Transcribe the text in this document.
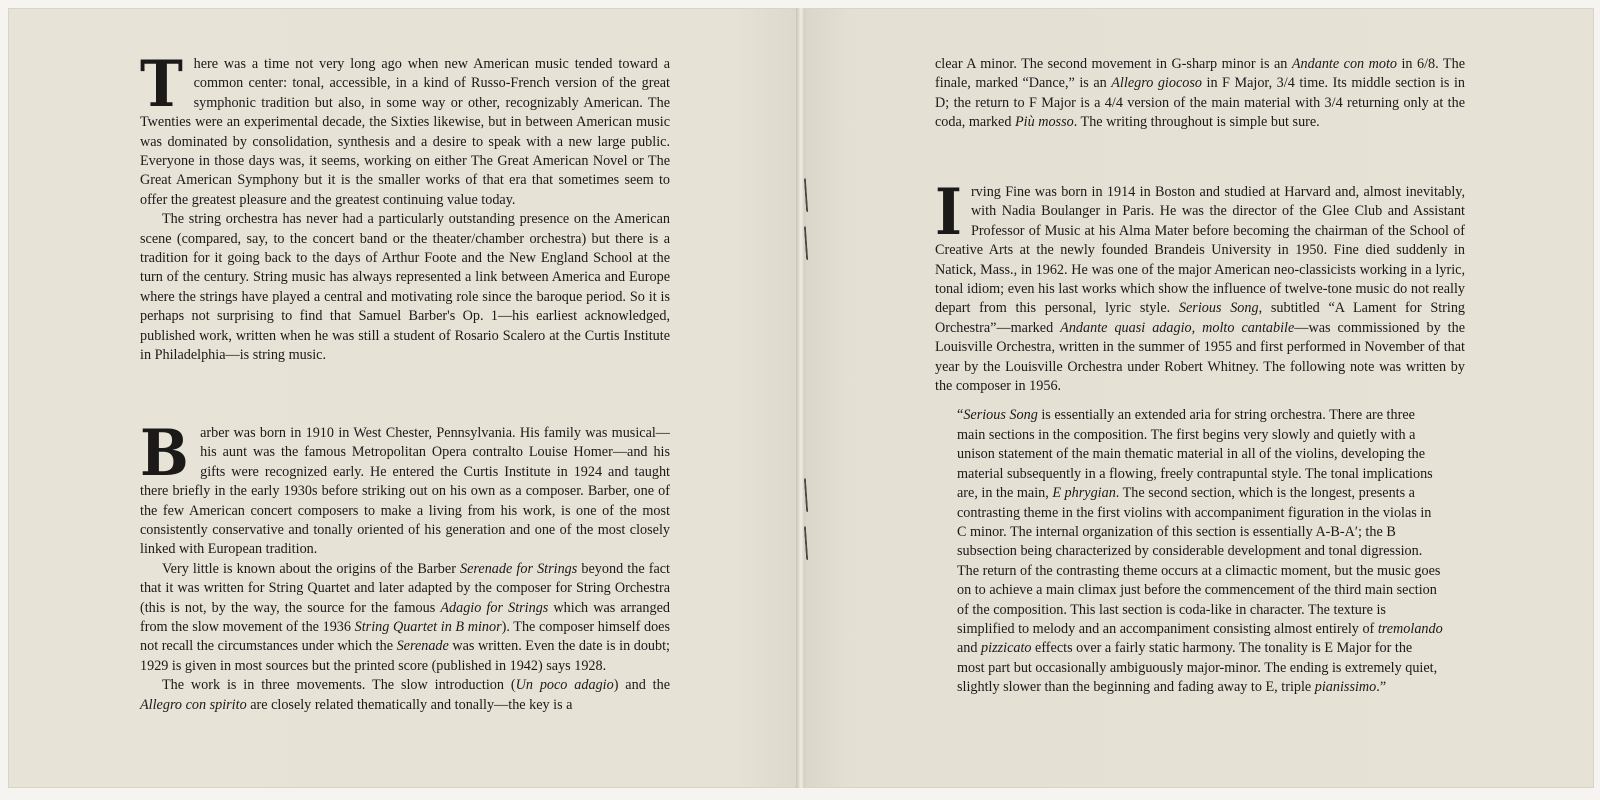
There was a time not very long ago when new American music tended toward a common center: tonal, accessible, in a kind of Russo-French version of the great symphonic tradition but also, in some way or other, recognizably American. The Twenties were an experimental decade, the Sixties likewise, but in between American music was dominated by consolidation, synthesis and a desire to speak with a new large public. Everyone in those days was, it seems, working on either The Great American Novel or The Great American Symphony but it is the smaller works of that era that sometimes seem to offer the greatest pleasure and the greatest continuing value today.

The string orchestra has never had a particularly outstanding presence on the American scene (compared, say, to the concert band or the theater/chamber orchestra) but there is a tradition for it going back to the days of Arthur Foote and the New England School at the turn of the century. String music has always represented a link between America and Europe where the strings have played a central and motivating role since the baroque period. So it is perhaps not surprising to find that Samuel Barber's Op. 1—his earliest acknowledged, published work, written when he was still a student of Rosario Scalero at the Curtis Institute in Philadelphia—is string music.

Barber was born in 1910 in West Chester, Pennsylvania. His family was musical—his aunt was the famous Metropolitan Opera contralto Louise Homer—and his gifts were recognized early. He entered the Curtis Institute in 1924 and taught there briefly in the early 1930s before striking out on his own as a composer. Barber, one of the few American concert composers to make a living from his work, is one of the most consistently conservative and tonally oriented of his generation and one of the most closely linked with European tradition.

Very little is known about the origins of the Barber Serenade for Strings beyond the fact that it was written for String Quartet and later adapted by the composer for String Orchestra (this is not, by the way, the source for the famous Adagio for Strings which was arranged from the slow movement of the 1936 String Quartet in B minor). The composer himself does not recall the circumstances under which the Serenade was written. Even the date is in doubt; 1929 is given in most sources but the printed score (published in 1942) says 1928.

The work is in three movements. The slow introduction (Un poco adagio) and the Allegro con spirito are closely related thematically and tonally—the key is a

clear A minor. The second movement in G-sharp minor is an Andante con moto in 6/8. The finale, marked “Dance,” is an Allegro giocoso in F Major, 3/4 time. Its middle section is in D; the return to F Major is a 4/4 version of the main material with 3/4 returning only at the coda, marked Più mosso. The writing throughout is simple but sure.

Irving Fine was born in 1914 in Boston and studied at Harvard and, almost inevitably, with Nadia Boulanger in Paris. He was the director of the Glee Club and Assistant Professor of Music at his Alma Mater before becoming the chairman of the School of Creative Arts at the newly founded Brandeis University in 1950. Fine died suddenly in Natick, Mass., in 1962. He was one of the major American neo-classicists working in a lyric, tonal idiom; even his last works which show the influence of twelve-tone music do not really depart from this personal, lyric style. Serious Song, subtitled “A Lament for String Orchestra”—marked Andante quasi adagio, molto cantabile—was commissioned by the Louisville Orchestra, written in the summer of 1955 and first performed in November of that year by the Louisville Orchestra under Robert Whitney. The following note was written by the composer in 1956.

“Serious Song is essentially an extended aria for string orchestra. There are three main sections in the composition. The first begins very slowly and quietly with a unison statement of the main thematic material in all of the violins, developing the material subsequently in a flowing, freely contrapuntal style. The tonal implications are, in the main, E phrygian. The second section, which is the longest, presents a contrasting theme in the first violins with accompaniment figuration in the violas in C minor. The internal organization of this section is essentially A-B-A′; the B subsection being characterized by considerable development and tonal digression. The return of the contrasting theme occurs at a climactic moment, but the music goes on to achieve a main climax just before the commencement of the third main section of the composition. This last section is coda-like in character. The texture is simplified to melody and an accompaniment consisting almost entirely of tremolando and pizzicato effects over a fairly static harmony. The tonality is E Major for the most part but occasionally ambiguously major-minor. The ending is extremely quiet, slightly slower than the beginning and fading away to E, triple pianissimo.”
